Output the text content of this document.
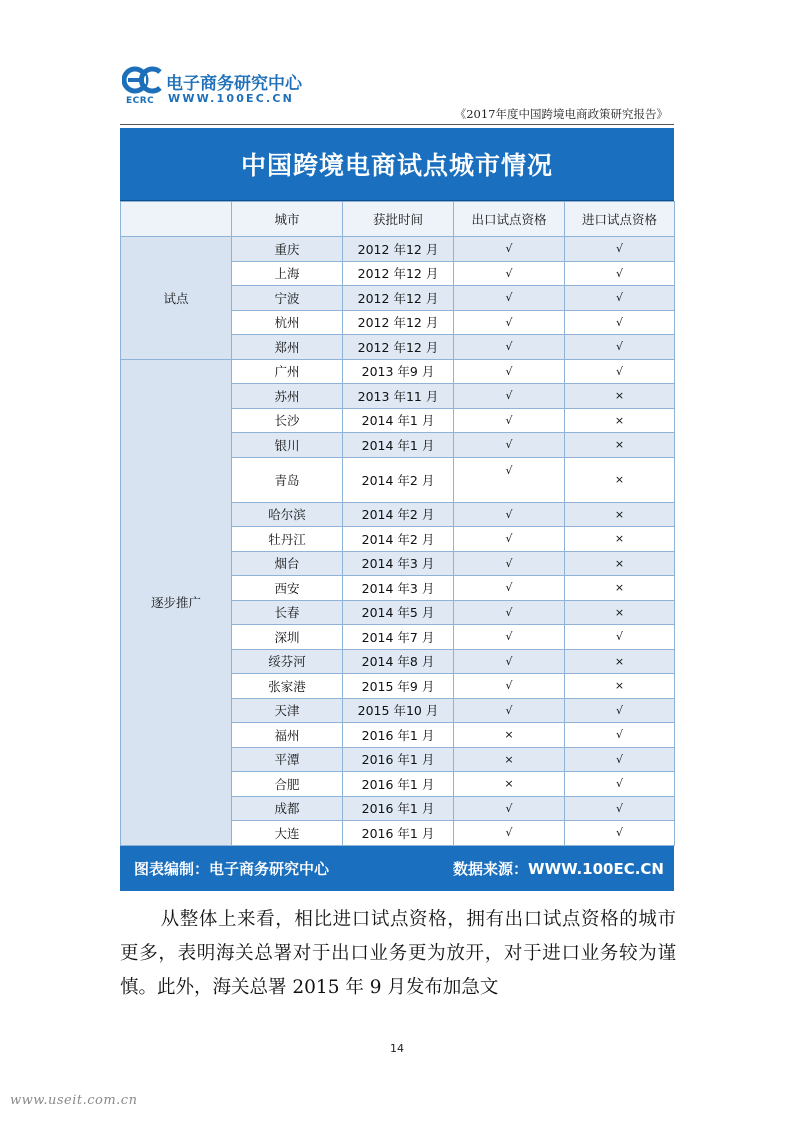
ECRC
电子商务研究中心
WWW.100EC.CN
《2017年度中国跨境电商政策研究报告》
中国跨境电商试点城市情况
	城市	获批时间	出口试点资格	进口试点资格
试点	重庆	2012 年12 月	√	√
	上海	2012 年12 月	√	√
	宁波	2012 年12 月	√	√
	杭州	2012 年12 月	√	√
	郑州	2012 年12 月	√	√
逐步推广	广州	2013 年9 月	√	√
	苏州	2013 年11 月	√	×
	长沙	2014 年1 月	√	×
	银川	2014 年1 月	√	×
	青岛	2014 年2 月	√	×
	哈尔滨	2014 年2 月	√	×
	牡丹江	2014 年2 月	√	×
	烟台	2014 年3 月	√	×
	西安	2014 年3 月	√	×
	长春	2014 年5 月	√	×
	深圳	2014 年7 月	√	√
	绥芬河	2014 年8 月	√	×
	张家港	2015 年9 月	√	×
	天津	2015 年10 月	√	√
	福州	2016 年1 月	×	√
	平潭	2016 年1 月	×	√
	合肥	2016 年1 月	×	√
	成都	2016 年1 月	√	√
	大连	2016 年1 月	√	√
图表编制：电子商务研究中心	数据来源：WWW.100EC.CN

从整体上来看，相比进口试点资格，拥有出口试点资格的城市更多，表明海关总署对于出口业务更为放开，对于进口业务较为谨慎。此外，海关总署 2015 年 9 月发布加急文

14
www.useit.com.cn
